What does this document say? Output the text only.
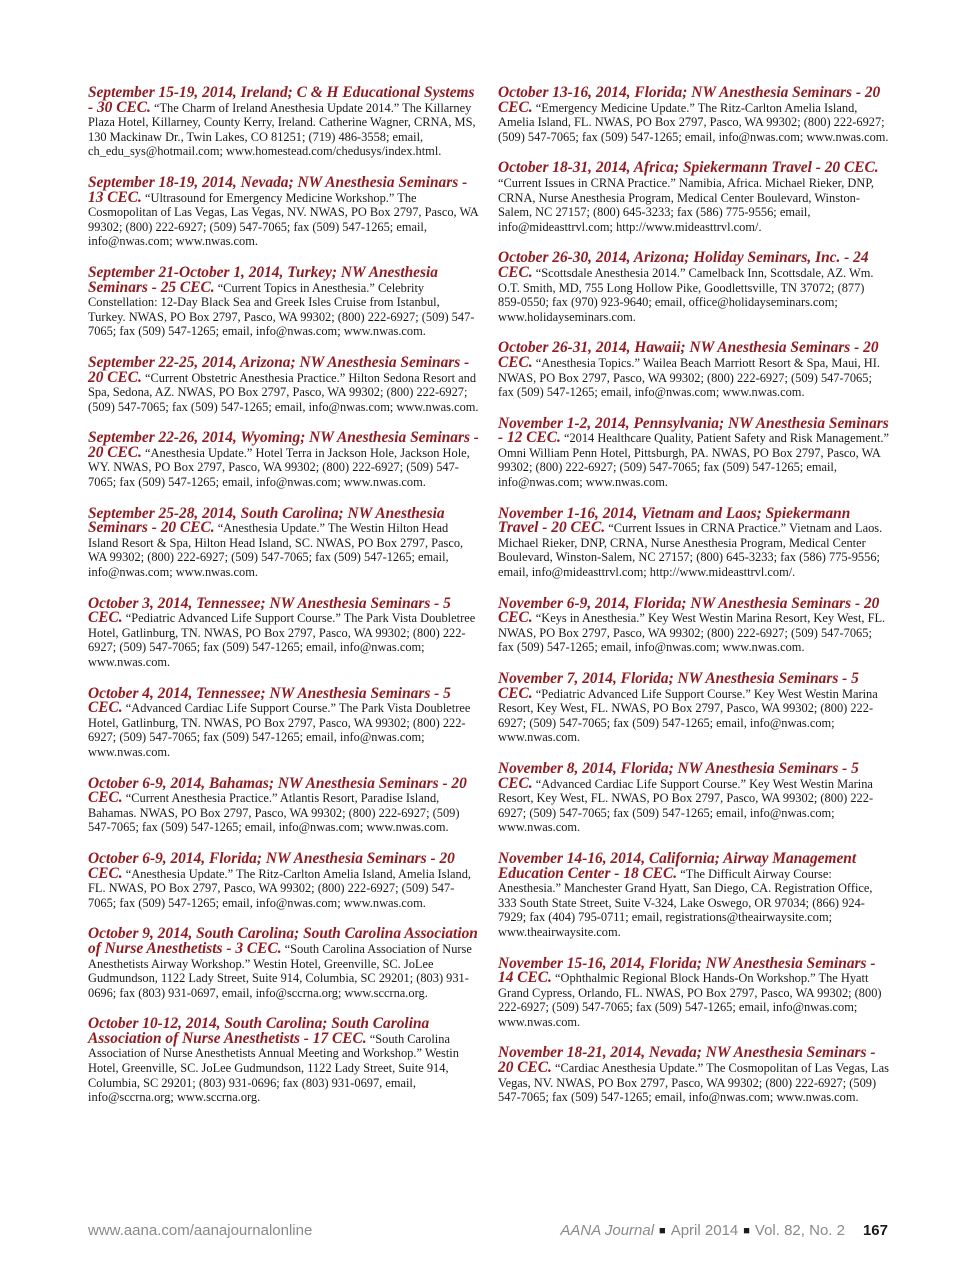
September 15-19, 2014, Ireland; C & H Educational Systems - 30 CEC. “The Charm of Ireland Anesthesia Update 2014.” The Killarney Plaza Hotel, Killarney, County Kerry, Ireland. Catherine Wagner, CRNA, MS, 130 Mackinaw Dr., Twin Lakes, CO 81251; (719) 486-3558; email, ch_edu_sys@hotmail.com; www.homestead.com/chedusys/index.html.
September 18-19, 2014, Nevada; NW Anesthesia Seminars - 13 CEC. “Ultrasound for Emergency Medicine Workshop.” The Cosmopolitan of Las Vegas, Las Vegas, NV. NWAS, PO Box 2797, Pasco, WA 99302; (800) 222-6927; (509) 547-7065; fax (509) 547-1265; email, info@nwas.com; www.nwas.com.
September 21-October 1, 2014, Turkey; NW Anesthesia Seminars - 25 CEC. “Current Topics in Anesthesia.” Celebrity Constellation: 12-Day Black Sea and Greek Isles Cruise from Istanbul, Turkey. NWAS, PO Box 2797, Pasco, WA 99302; (800) 222-6927; (509) 547-7065; fax (509) 547-1265; email, info@nwas.com; www.nwas.com.
September 22-25, 2014, Arizona; NW Anesthesia Seminars - 20 CEC. “Current Obstetric Anesthesia Practice.” Hilton Sedona Resort and Spa, Sedona, AZ. NWAS, PO Box 2797, Pasco, WA 99302; (800) 222-6927; (509) 547-7065; fax (509) 547-1265; email, info@nwas.com; www.nwas.com.
September 22-26, 2014, Wyoming; NW Anesthesia Seminars - 20 CEC. “Anesthesia Update.” Hotel Terra in Jackson Hole, Jackson Hole, WY. NWAS, PO Box 2797, Pasco, WA 99302; (800) 222-6927; (509) 547-7065; fax (509) 547-1265; email, info@nwas.com; www.nwas.com.
September 25-28, 2014, South Carolina; NW Anesthesia Seminars - 20 CEC. “Anesthesia Update.” The Westin Hilton Head Island Resort & Spa, Hilton Head Island, SC. NWAS, PO Box 2797, Pasco, WA 99302; (800) 222-6927; (509) 547-7065; fax (509) 547-1265; email, info@nwas.com; www.nwas.com.
October 3, 2014, Tennessee; NW Anesthesia Seminars - 5 CEC. “Pediatric Advanced Life Support Course.” The Park Vista Doubletree Hotel, Gatlinburg, TN. NWAS, PO Box 2797, Pasco, WA 99302; (800) 222-6927; (509) 547-7065; fax (509) 547-1265; email, info@nwas.com; www.nwas.com.
October 4, 2014, Tennessee; NW Anesthesia Seminars - 5 CEC. “Advanced Cardiac Life Support Course.” The Park Vista Doubletree Hotel, Gatlinburg, TN. NWAS, PO Box 2797, Pasco, WA 99302; (800) 222-6927; (509) 547-7065; fax (509) 547-1265; email, info@nwas.com; www.nwas.com.
October 6-9, 2014, Bahamas; NW Anesthesia Seminars - 20 CEC. “Current Anesthesia Practice.” Atlantis Resort, Paradise Island, Bahamas. NWAS, PO Box 2797, Pasco, WA 99302; (800) 222-6927; (509) 547-7065; fax (509) 547-1265; email, info@nwas.com; www.nwas.com.
October 6-9, 2014, Florida; NW Anesthesia Seminars - 20 CEC. “Anesthesia Update.” The Ritz-Carlton Amelia Island, Amelia Island, FL. NWAS, PO Box 2797, Pasco, WA 99302; (800) 222-6927; (509) 547-7065; fax (509) 547-1265; email, info@nwas.com; www.nwas.com.
October 9, 2014, South Carolina; South Carolina Association of Nurse Anesthetists - 3 CEC. “South Carolina Association of Nurse Anesthetists Airway Workshop.” Westin Hotel, Greenville, SC. JoLee Gudmundson, 1122 Lady Street, Suite 914, Columbia, SC 29201; (803) 931-0696; fax (803) 931-0697, email, info@sccrna.org; www.sccrna.org.
October 10-12, 2014, South Carolina; South Carolina Association of Nurse Anesthetists - 17 CEC. “South Carolina Association of Nurse Anesthetists Annual Meeting and Workshop.” Westin Hotel, Greenville, SC. JoLee Gudmundson, 1122 Lady Street, Suite 914, Columbia, SC 29201; (803) 931-0696; fax (803) 931-0697, email, info@sccrna.org; www.sccrna.org.
October 13-16, 2014, Florida; NW Anesthesia Seminars - 20 CEC. “Emergency Medicine Update.” The Ritz-Carlton Amelia Island, Amelia Island, FL. NWAS, PO Box 2797, Pasco, WA 99302; (800) 222-6927; (509) 547-7065; fax (509) 547-1265; email, info@nwas.com; www.nwas.com.
October 18-31, 2014, Africa; Spiekermann Travel - 20 CEC. “Current Issues in CRNA Practice.” Namibia, Africa. Michael Rieker, DNP, CRNA, Nurse Anesthesia Program, Medical Center Boulevard, Winston-Salem, NC 27157; (800) 645-3233; fax (586) 775-9556; email, info@mideasttrvl.com; http://www.mideasttrvl.com/.
October 26-30, 2014, Arizona; Holiday Seminars, Inc. - 24 CEC. “Scottsdale Anesthesia 2014.” Camelback Inn, Scottsdale, AZ. Wm. O.T. Smith, MD, 755 Long Hollow Pike, Goodlettsville, TN 37072; (877) 859-0550; fax (970) 923-9640; email, office@holidayseminars.com; www.holidayseminars.com.
October 26-31, 2014, Hawaii; NW Anesthesia Seminars - 20 CEC. “Anesthesia Topics.” Wailea Beach Marriott Resort & Spa, Maui, HI. NWAS, PO Box 2797, Pasco, WA 99302; (800) 222-6927; (509) 547-7065; fax (509) 547-1265; email, info@nwas.com; www.nwas.com.
November 1-2, 2014, Pennsylvania; NW Anesthesia Seminars - 12 CEC. “2014 Healthcare Quality, Patient Safety and Risk Management.” Omni William Penn Hotel, Pittsburgh, PA. NWAS, PO Box 2797, Pasco, WA 99302; (800) 222-6927; (509) 547-7065; fax (509) 547-1265; email, info@nwas.com; www.nwas.com.
November 1-16, 2014, Vietnam and Laos; Spiekermann Travel - 20 CEC. “Current Issues in CRNA Practice.” Vietnam and Laos. Michael Rieker, DNP, CRNA, Nurse Anesthesia Program, Medical Center Boulevard, Winston-Salem, NC 27157; (800) 645-3233; fax (586) 775-9556; email, info@mideasttrvl.com; http://www.mideasttrvl.com/.
November 6-9, 2014, Florida; NW Anesthesia Seminars - 20 CEC. “Keys in Anesthesia.” Key West Westin Marina Resort, Key West, FL. NWAS, PO Box 2797, Pasco, WA 99302; (800) 222-6927; (509) 547-7065; fax (509) 547-1265; email, info@nwas.com; www.nwas.com.
November 7, 2014, Florida; NW Anesthesia Seminars - 5 CEC. “Pediatric Advanced Life Support Course.” Key West Westin Marina Resort, Key West, FL. NWAS, PO Box 2797, Pasco, WA 99302; (800) 222-6927; (509) 547-7065; fax (509) 547-1265; email, info@nwas.com; www.nwas.com.
November 8, 2014, Florida; NW Anesthesia Seminars - 5 CEC. “Advanced Cardiac Life Support Course.” Key West Westin Marina Resort, Key West, FL. NWAS, PO Box 2797, Pasco, WA 99302; (800) 222-6927; (509) 547-7065; fax (509) 547-1265; email, info@nwas.com; www.nwas.com.
November 14-16, 2014, California; Airway Management Education Center - 18 CEC. “The Difficult Airway Course: Anesthesia.” Manchester Grand Hyatt, San Diego, CA. Registration Office, 333 South State Street, Suite V-324, Lake Oswego, OR 97034; (866) 924-7929; fax (404) 795-0711; email, registrations@theairwaysite.com; www.theairwaysite.com.
November 15-16, 2014, Florida; NW Anesthesia Seminars - 14 CEC. “Ophthalmic Regional Block Hands-On Workshop.” The Hyatt Grand Cypress, Orlando, FL. NWAS, PO Box 2797, Pasco, WA 99302; (800) 222-6927; (509) 547-7065; fax (509) 547-1265; email, info@nwas.com; www.nwas.com.
November 18-21, 2014, Nevada; NW Anesthesia Seminars - 20 CEC. “Cardiac Anesthesia Update.” The Cosmopolitan of Las Vegas, Las Vegas, NV. NWAS, PO Box 2797, Pasco, WA 99302; (800) 222-6927; (509) 547-7065; fax (509) 547-1265; email, info@nwas.com; www.nwas.com.
www.aana.com/aanajournalonline	AANA Journal ■ April 2014 ■ Vol. 82, No. 2 167
